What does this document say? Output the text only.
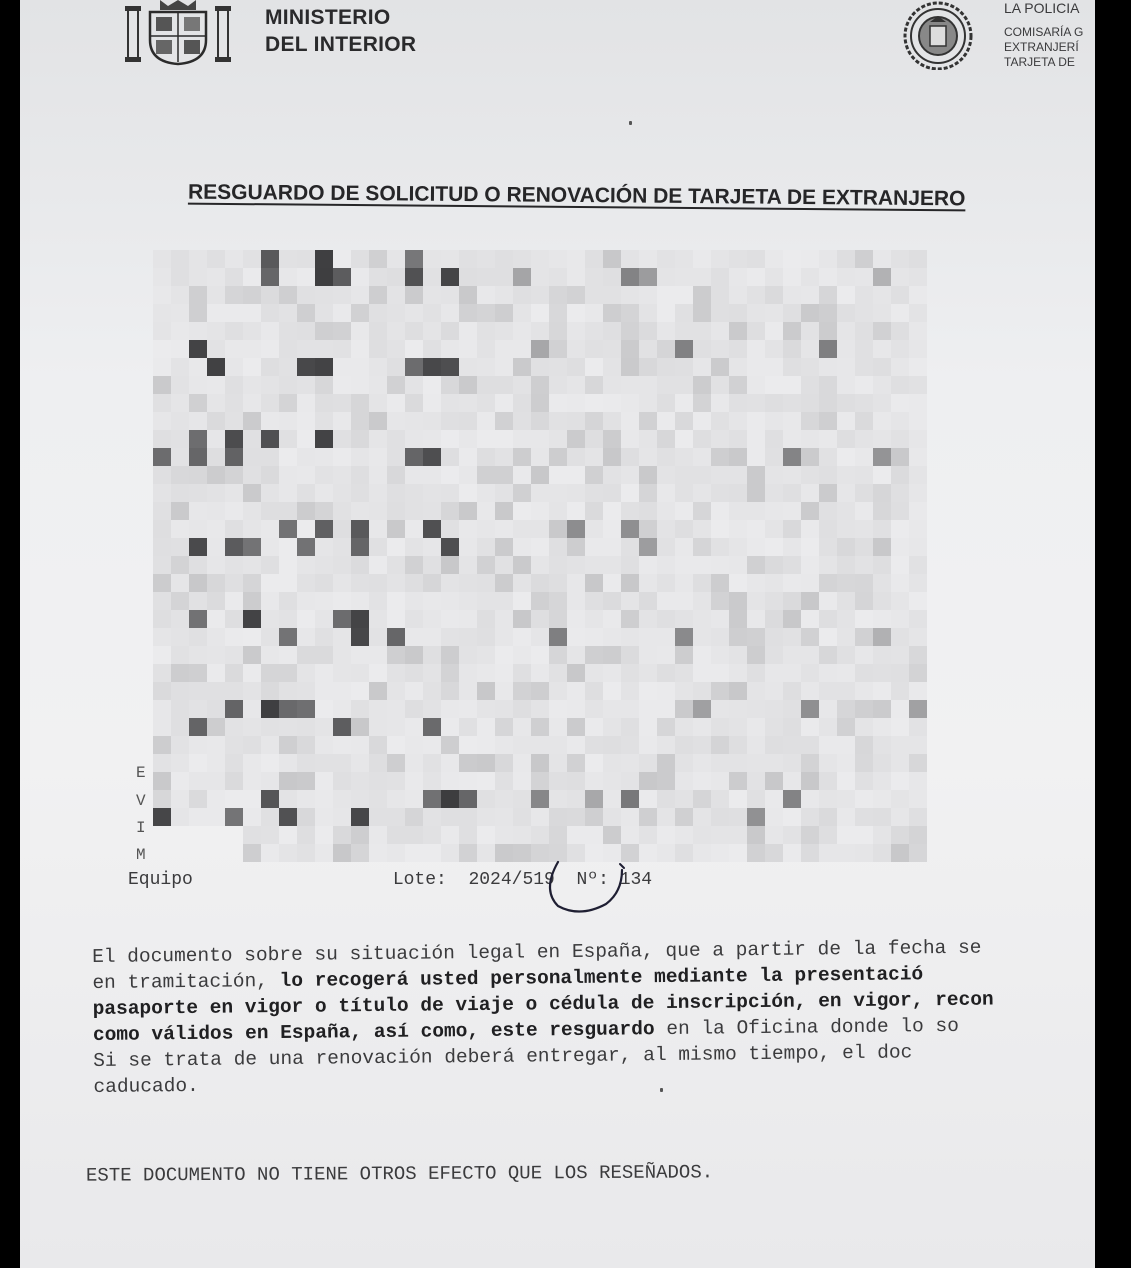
MINISTERIO
DEL INTERIOR
LA POLICIA
COMISARÍA G
EXTRANJERÍ
TARJETA DE
RESGUARDO DE SOLICITUD O RENOVACIÓN DE TARJETA DE EXTRANJERO
E
V
I
M
Equipo	Lote: 2024/519 Nº: 134
El documento sobre su situación legal en España, que a partir de la fecha se
en tramitación, lo recogerá usted personalmente mediante la presentació
pasaporte en vigor o título de viaje o cédula de inscripción, en vigor, recon
como válidos en España, así como, este resguardo en la Oficina donde lo so
Si se trata de una renovación deberá entregar, al mismo tiempo, el doc
caducado.
ESTE DOCUMENTO NO TIENE OTROS EFECTO QUE LOS RESEÑADOS.
